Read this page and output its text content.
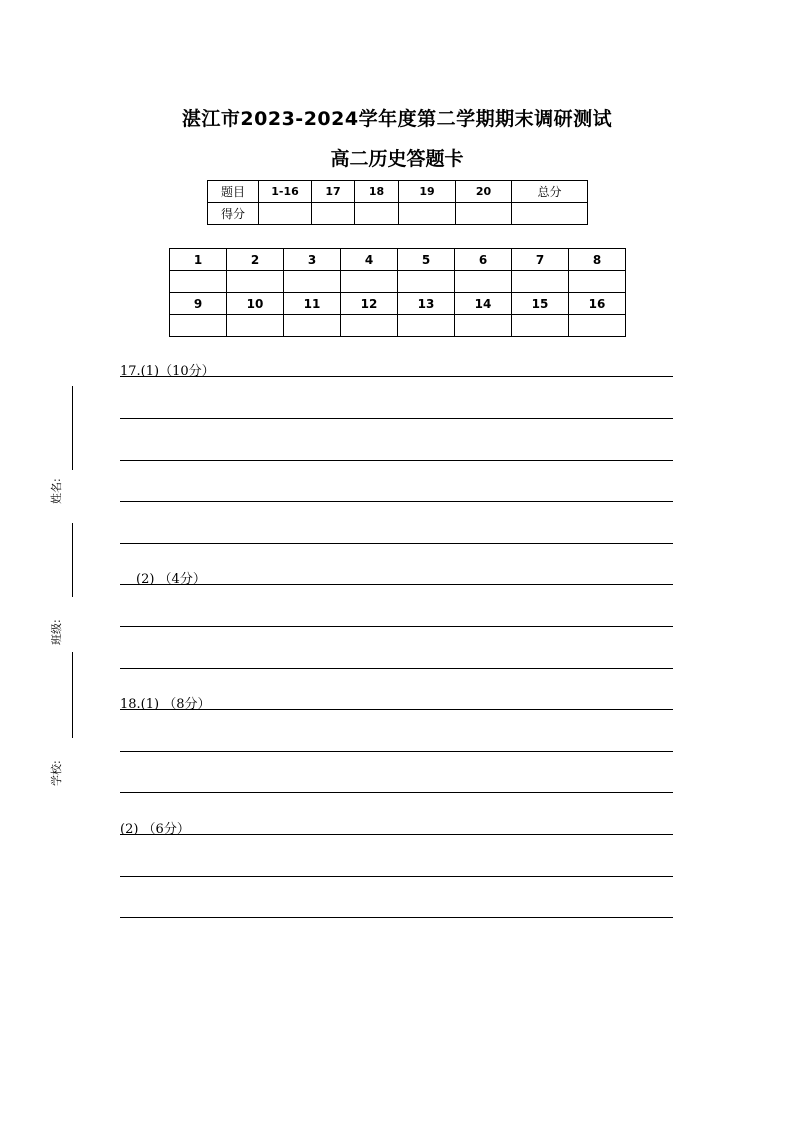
湛江市2023-2024学年度第二学期期末调研测试
高二历史答题卡
题目	1-16	17	18	19	20	总分
得分						
1	2	3	4	5	6	7	8

9	10	11	12	13	14	15	16

姓名:
班级:
学校:
17.(1)（10分）
(2) （4分）
18.(1) （8分）
(2) （6分）
